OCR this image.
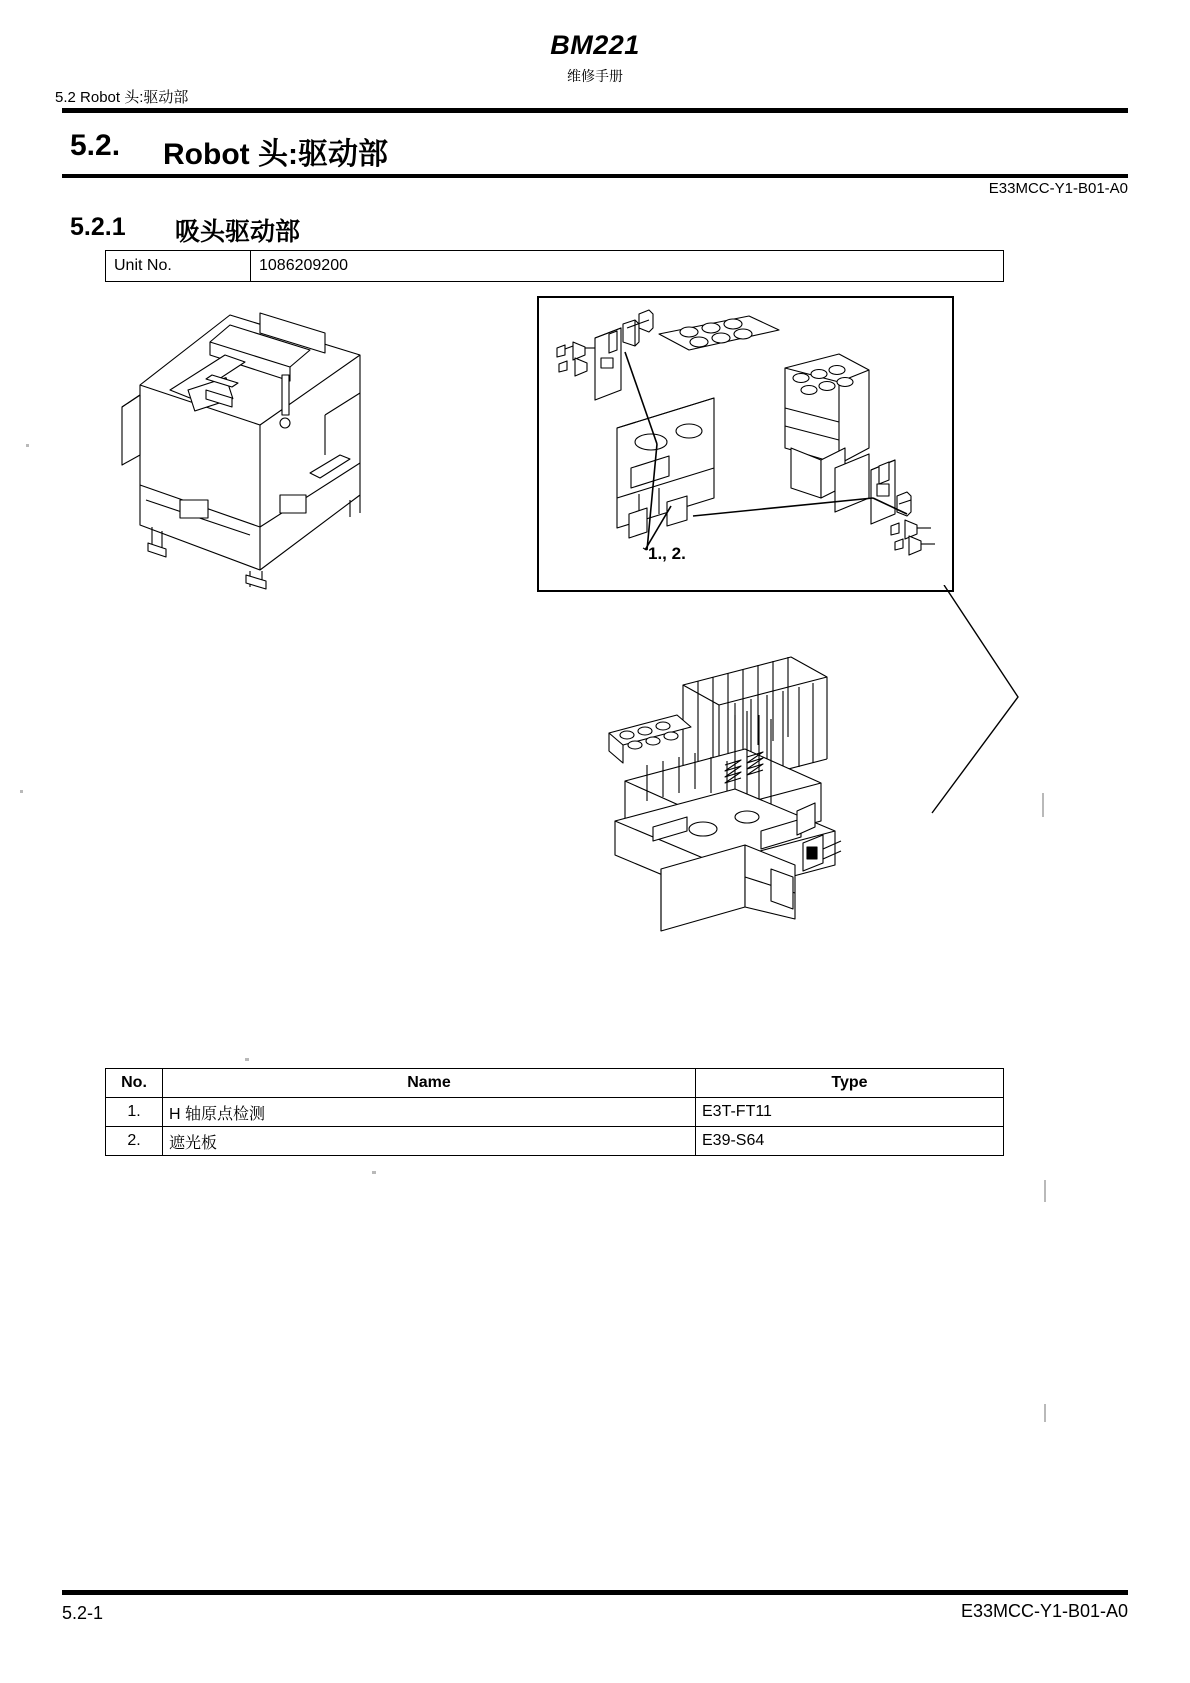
BM221
维修手册
5.2 Robot 头:驱动部
5.2. Robot 头:驱动部
E33MCC-Y1-B01-A0
5.2.1 吸头驱动部
Unit No.	1086209200
1., 2.
No.	Name	Type
1.	H 轴原点检测	E3T-FT11
2.	遮光板	E39-S64
5.2-1	E33MCC-Y1-B01-A0
